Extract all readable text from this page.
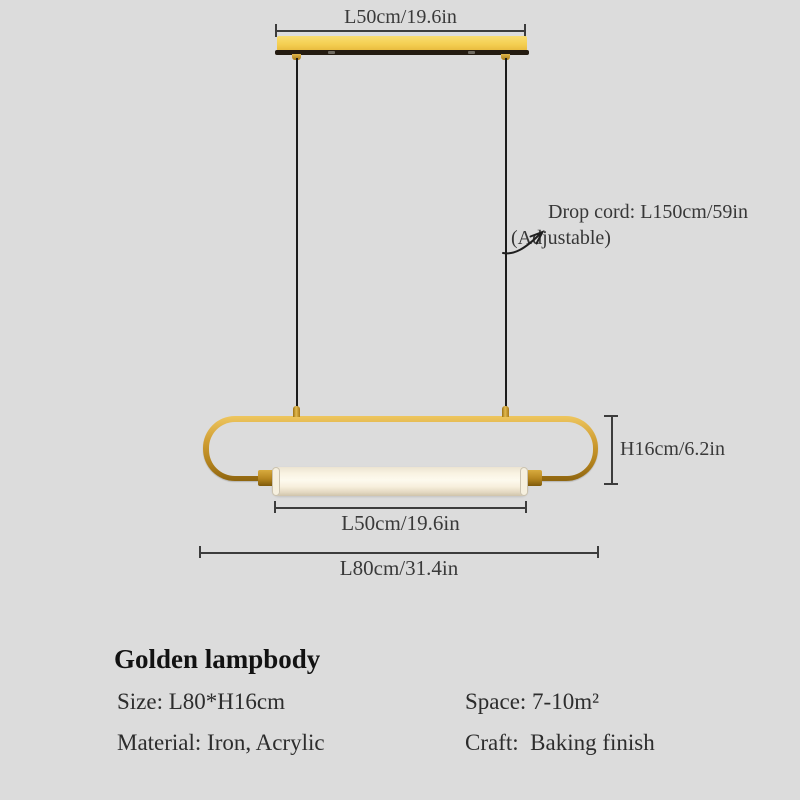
L50cm/19.6in
Drop cord: L150cm/59in
(Adjustable)
H16cm/6.2in
L50cm/19.6in
L80cm/31.4in
Golden lampbody
Size: L80*H16cm	Space: 7-10m²
Material: Iron, Acrylic	Craft:  Baking finish
